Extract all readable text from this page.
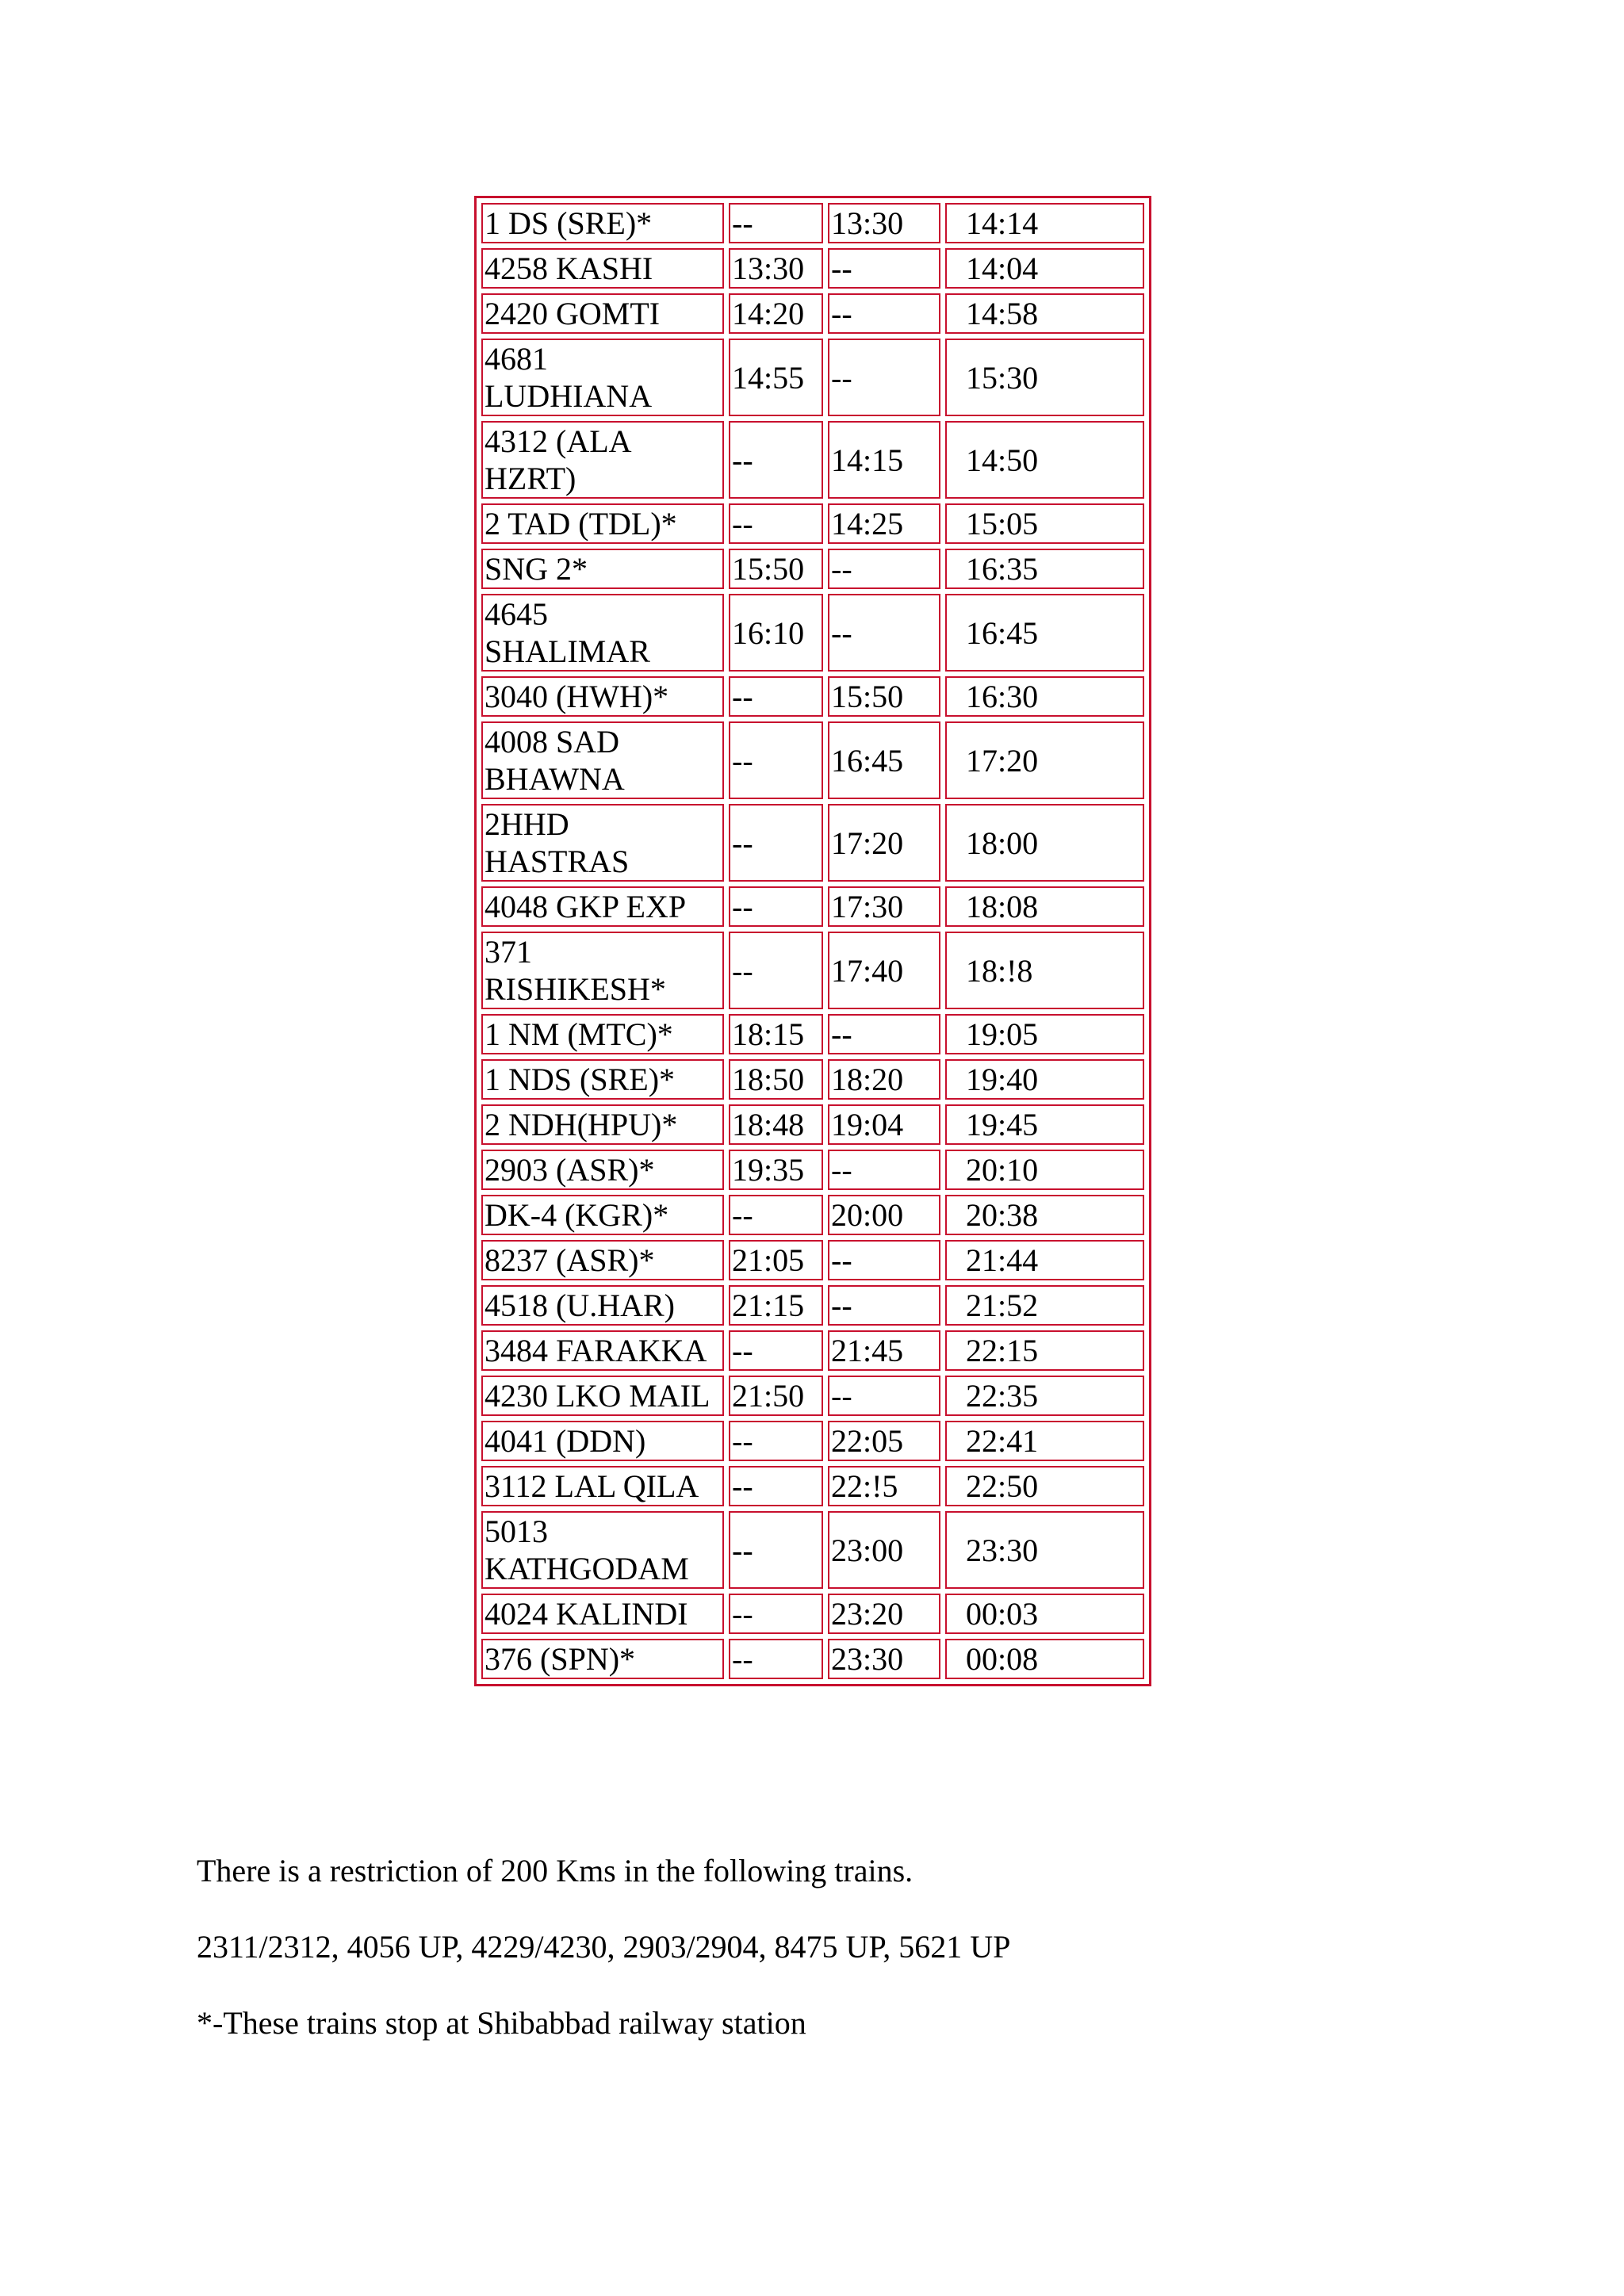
1 DS (SRE)*	--	13:30	14:14
4258 KASHI	13:30	--	14:04
2420 GOMTI	14:20	--	14:58
4681 LUDHIANA	14:55	--	15:30
4312 (ALA HZRT)	--	14:15	14:50
2 TAD (TDL)*	--	14:25	15:05
SNG 2*	15:50	--	16:35
4645 SHALIMAR	16:10	--	16:45
3040 (HWH)*	--	15:50	16:30
4008 SAD BHAWNA	--	16:45	17:20
2HHD HASTRAS	--	17:20	18:00
4048 GKP EXP	--	17:30	18:08
371 RISHIKESH*	--	17:40	18:!8
1 NM (MTC)*	18:15	--	19:05
1 NDS (SRE)*	18:50	18:20	19:40
2 NDH(HPU)*	18:48	19:04	19:45
2903 (ASR)*	19:35	--	20:10
DK-4 (KGR)*	--	20:00	20:38
8237 (ASR)*	21:05	--	21:44
4518 (U.HAR)	21:15	--	21:52
3484 FARAKKA	--	21:45	22:15
4230 LKO MAIL	21:50	--	22:35
4041 (DDN)	--	22:05	22:41
3112 LAL QILA	--	22:!5	22:50
5013 KATHGODAM	--	23:00	23:30
4024 KALINDI	--	23:20	00:03
376 (SPN)*	--	23:30	00:08

There is a restriction of 200 Kms in the following trains.

2311/2312, 4056 UP, 4229/4230, 2903/2904, 8475 UP, 5621 UP

*-These trains stop at Shibabbad railway station
